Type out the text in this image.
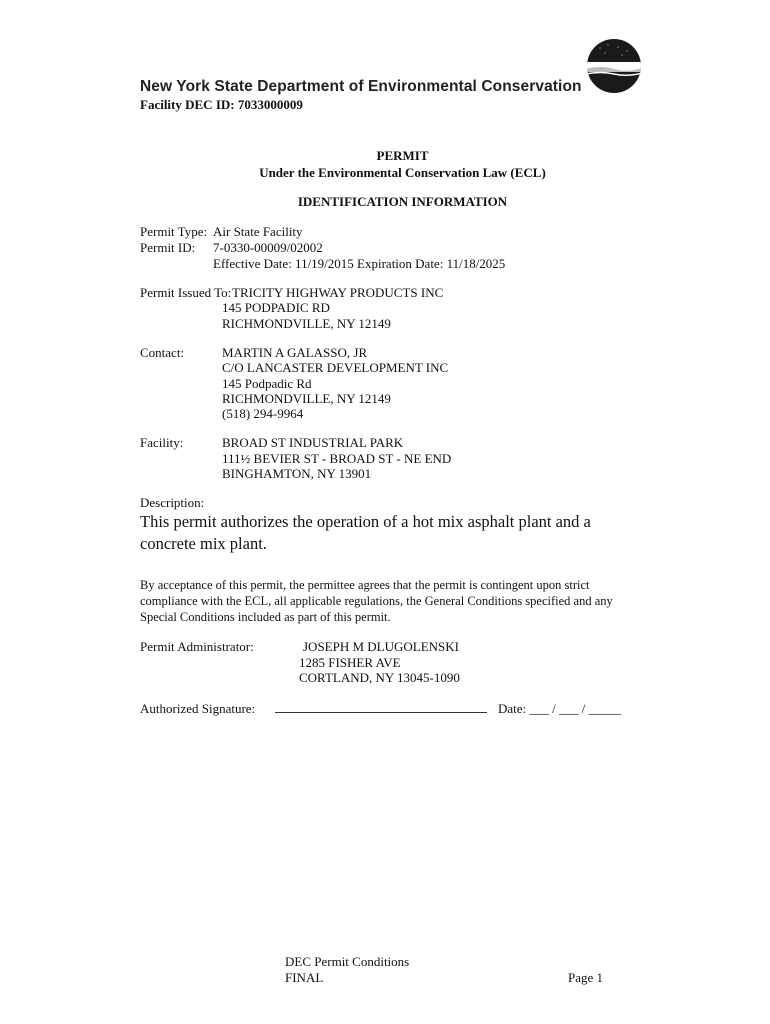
New York State Department of Environmental Conservation
Facility DEC ID: 7033000009
PERMIT
Under the Environmental Conservation Law (ECL)
IDENTIFICATION INFORMATION
Permit Type: Air State Facility
Permit ID: 7-0330-00009/02002
Effective Date: 11/19/2015 Expiration Date: 11/18/2025
Permit Issued To: TRICITY HIGHWAY PRODUCTS INC
145 PODPADIC RD
RICHMONDVILLE, NY 12149
Contact:	MARTIN A GALASSO, JR
C/O LANCASTER DEVELOPMENT INC
145 Podpadic Rd
RICHMONDVILLE, NY 12149
(518) 294-9964
Facility:	BROAD ST INDUSTRIAL PARK
111½ BEVIER ST - BROAD ST - NE END
BINGHAMTON, NY 13901
Description:
This permit authorizes the operation of a hot mix asphalt plant and a concrete mix plant.
By acceptance of this permit, the permittee agrees that the permit is contingent upon strict compliance with the ECL, all applicable regulations, the General Conditions specified and any Special Conditions included as part of this permit.
Permit Administrator:	JOSEPH M DLUGOLENSKI
1285 FISHER AVE
CORTLAND, NY 13045-1090
Authorized Signature:	Date: ___ / ___ / _____
DEC Permit Conditions
FINAL	Page 1
